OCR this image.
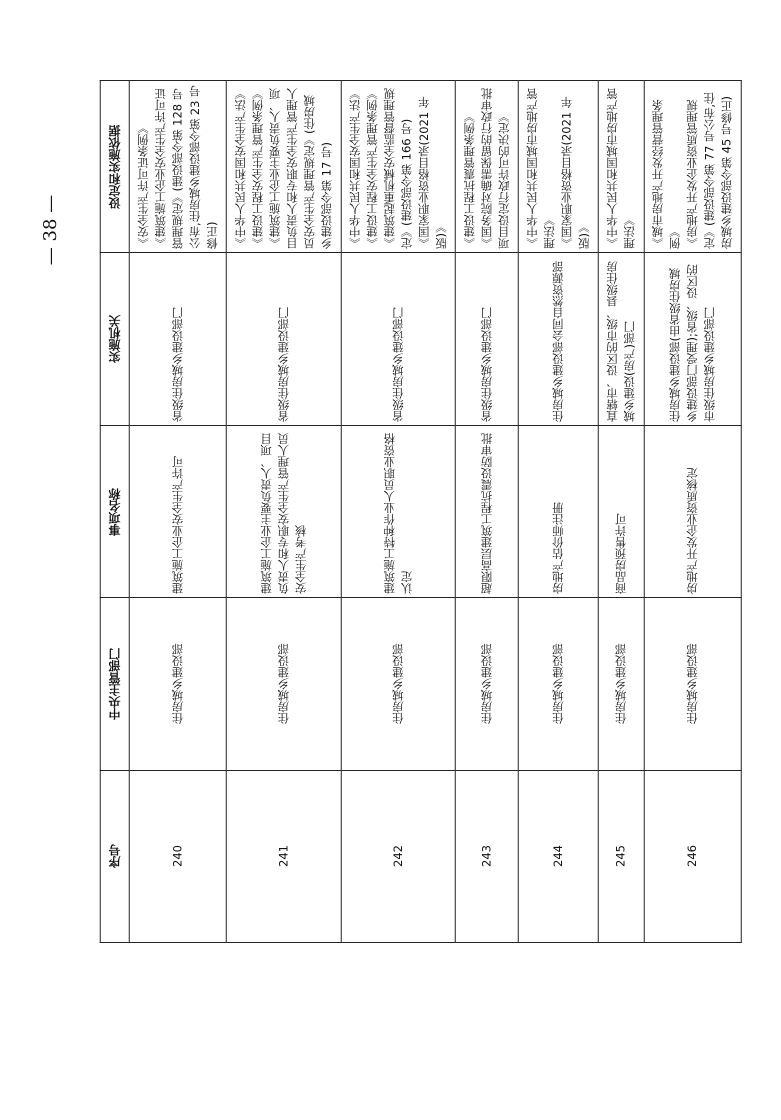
— 38 —
序号	中央主管部门	事项名称	实施机关	设定和实施依据
240	住房城乡建设部	建筑施工企业安全生产许可	省级住房城乡建设部门	《安全生产许可证条例》 《建筑施工企业安全生产许可证管理规定》(建设部令第 128 号公布,住房城乡建设部令第 23 号修正)

241	住房城乡建设部	建筑施工企业主要负责人、项目负责人和专职安全生产管理人员安全生产考核	省级住房城乡建设部门	《中华人民共和国安全生产法》 《建设工程安全生产管理条例》 《建筑施工企业主要负责人、项目负责人和专职安全生产管理人员安全生产管理规定》(住房城乡建设部令第 17 号)

242	住房城乡建设部	建筑施工特种作业人员职业资格认定	省级住房城乡建设部门	《中华人民共和国安全生产法》 《建设工程安全生产管理条例》 《建筑起重机械安全监督管理规定》(建设部令第 166 号) 《国家职业资格目录(2021 年版)》

243	住房城乡建设部	超限高层建筑工程抗震设防审批	省级住房城乡建设部门	《建设工程抗震管理条例》 《国务院对确需保留的行政审批项目设定行政许可的决定》

244	住房城乡建设部	房地产估价师注册	住房城乡建设部会同自然资源部	《中华人民共和国城市房地产管理法》 《国家职业资格目录(2021 年版)》

245	住房城乡建设部	商品房预售许可	直辖市、设区的市级、县级住房城乡建设(房产)部门	《中华人民共和国城市房地产管理法》

246	住房城乡建设部	房地产开发企业资质核定	住房城乡建设部(由省级住房城乡建设部门受理);省级、设区的市级住房城乡建设部门	《城市房地产开发经营管理条例》 《房地产开发企业资质管理规定》(建设部令第 77 号公布,住房城乡建设部令第 45 号修正)
